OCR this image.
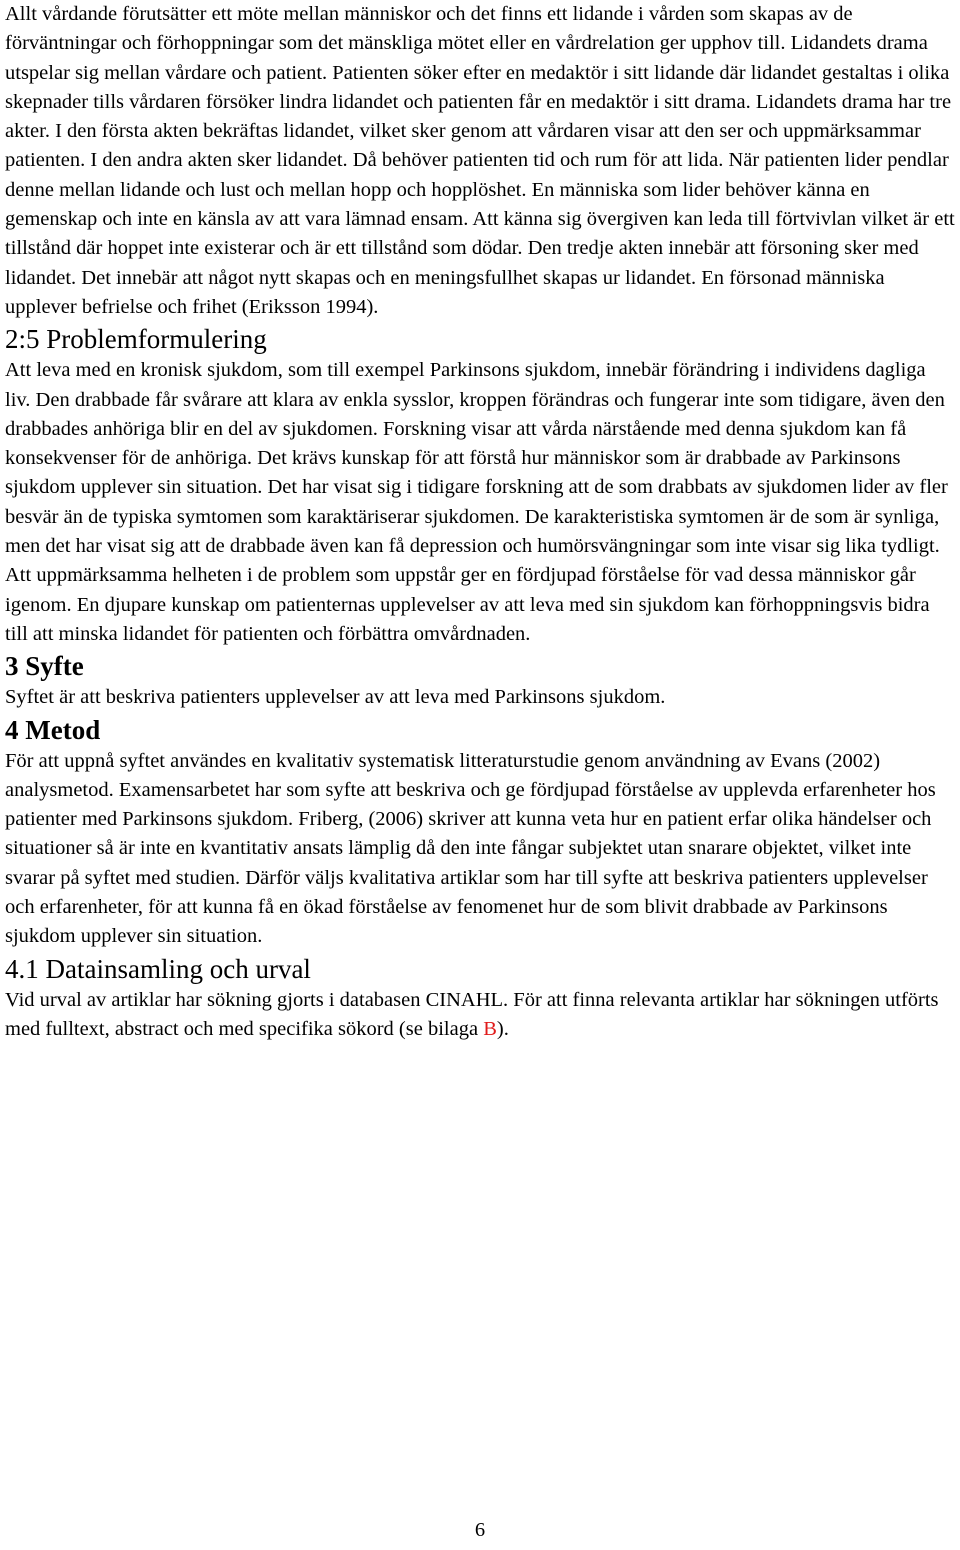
Allt vårdande förutsätter ett möte mellan människor och det finns ett lidande i vården som skapas av de förväntningar och förhoppningar som det mänskliga mötet eller en vårdrelation ger upphov till. Lidandets drama utspelar sig mellan vårdare och patient. Patienten söker efter en medaktör i sitt lidande där lidandet gestaltas i olika skepnader tills vårdaren försöker lindra lidandet och patienten får en medaktör i sitt drama. Lidandets drama har tre akter. I den första akten bekräftas lidandet, vilket sker genom att vårdaren visar att den ser och uppmärksammar patienten. I den andra akten sker lidandet. Då behöver patienten tid och rum för att lida. När patienten lider pendlar denne mellan lidande och lust och mellan hopp och hopplöshet. En människa som lider behöver känna en gemenskap och inte en känsla av att vara lämnad ensam. Att känna sig övergiven kan leda till förtvivlan vilket är ett tillstånd där hoppet inte existerar och är ett tillstånd som dödar. Den tredje akten innebär att försoning sker med lidandet. Det innebär att något nytt skapas och en meningsfullhet skapas ur lidandet. En försonad människa upplever befrielse och frihet (Eriksson 1994).

2:5 Problemformulering

Att leva med en kronisk sjukdom, som till exempel Parkinsons sjukdom, innebär förändring i individens dagliga liv. Den drabbade får svårare att klara av enkla sysslor, kroppen förändras och fungerar inte som tidigare, även den drabbades anhöriga blir en del av sjukdomen. Forskning visar att vårda närstående med denna sjukdom kan få konsekvenser för de anhöriga. Det krävs kunskap för att förstå hur människor som är drabbade av Parkinsons sjukdom upplever sin situation. Det har visat sig i tidigare forskning att de som drabbats av sjukdomen lider av fler besvär än de typiska symtomen som karaktäriserar sjukdomen. De karakteristiska symtomen är de som är synliga, men det har visat sig att de drabbade även kan få depression och humörsvängningar som inte visar sig lika tydligt. Att uppmärksamma helheten i de problem som uppstår ger en fördjupad förståelse för vad dessa människor går igenom. En djupare kunskap om patienternas upplevelser av att leva med sin sjukdom kan förhoppningsvis bidra till att minska lidandet för patienten och förbättra omvårdnaden.

3 Syfte

Syftet är att beskriva patienters upplevelser av att leva med Parkinsons sjukdom.

4 Metod

För att uppnå syftet användes en kvalitativ systematisk litteraturstudie genom användning av Evans (2002) analysmetod. Examensarbetet har som syfte att beskriva och ge fördjupad förståelse av upplevda erfarenheter hos patienter med Parkinsons sjukdom. Friberg, (2006) skriver att kunna veta hur en patient erfar olika händelser och situationer så är inte en kvantitativ ansats lämplig då den inte fångar subjektet utan snarare objektet, vilket inte svarar på syftet med studien. Därför väljs kvalitativa artiklar som har till syfte att beskriva patienters upplevelser och erfarenheter, för att kunna få en ökad förståelse av fenomenet hur de som blivit drabbade av Parkinsons sjukdom upplever sin situation.

4.1 Datainsamling och urval

Vid urval av artiklar har sökning gjorts i databasen CINAHL. För att finna relevanta artiklar har sökningen utförts med fulltext, abstract och med specifika sökord (se bilaga B).

6
